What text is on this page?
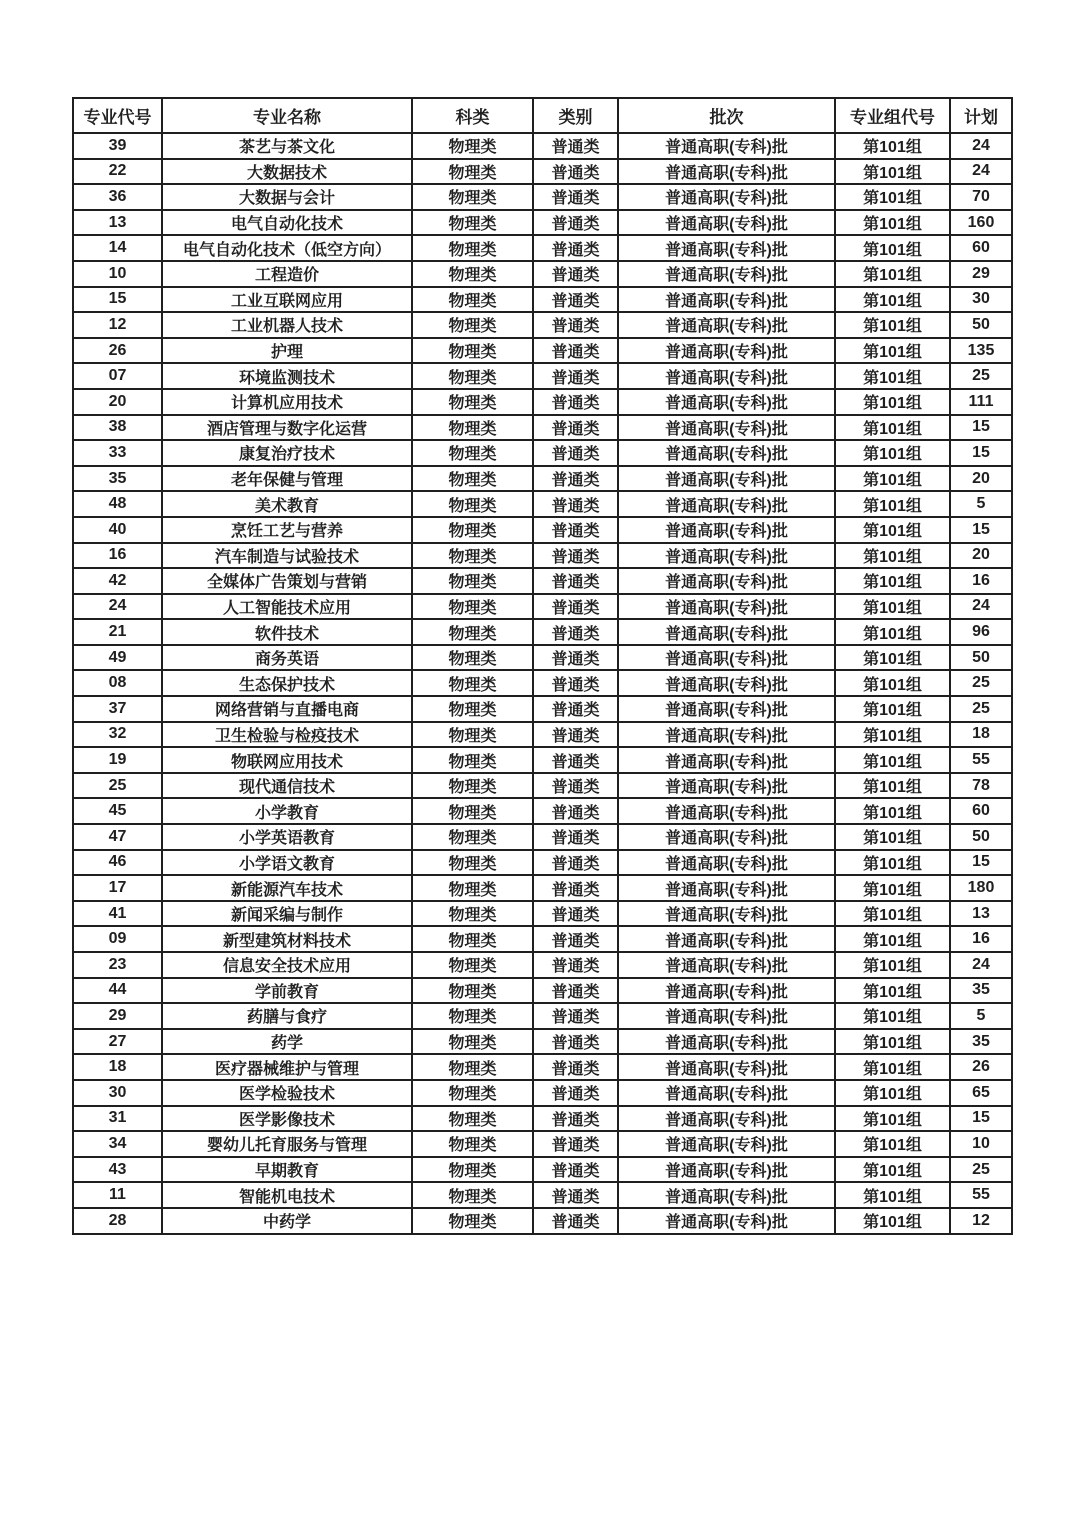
专业代号	专业名称	科类	类别	批次	专业组代号	计划
39	茶艺与茶文化	物理类	普通类	普通高职(专科)批	第101组	24
22	大数据技术	物理类	普通类	普通高职(专科)批	第101组	24
36	大数据与会计	物理类	普通类	普通高职(专科)批	第101组	70
13	电气自动化技术	物理类	普通类	普通高职(专科)批	第101组	160
14	电气自动化技术（低空方向）	物理类	普通类	普通高职(专科)批	第101组	60
10	工程造价	物理类	普通类	普通高职(专科)批	第101组	29
15	工业互联网应用	物理类	普通类	普通高职(专科)批	第101组	30
12	工业机器人技术	物理类	普通类	普通高职(专科)批	第101组	50
26	护理	物理类	普通类	普通高职(专科)批	第101组	135
07	环境监测技术	物理类	普通类	普通高职(专科)批	第101组	25
20	计算机应用技术	物理类	普通类	普通高职(专科)批	第101组	111
38	酒店管理与数字化运营	物理类	普通类	普通高职(专科)批	第101组	15
33	康复治疗技术	物理类	普通类	普通高职(专科)批	第101组	15
35	老年保健与管理	物理类	普通类	普通高职(专科)批	第101组	20
48	美术教育	物理类	普通类	普通高职(专科)批	第101组	5
40	烹饪工艺与营养	物理类	普通类	普通高职(专科)批	第101组	15
16	汽车制造与试验技术	物理类	普通类	普通高职(专科)批	第101组	20
42	全媒体广告策划与营销	物理类	普通类	普通高职(专科)批	第101组	16
24	人工智能技术应用	物理类	普通类	普通高职(专科)批	第101组	24
21	软件技术	物理类	普通类	普通高职(专科)批	第101组	96
49	商务英语	物理类	普通类	普通高职(专科)批	第101组	50
08	生态保护技术	物理类	普通类	普通高职(专科)批	第101组	25
37	网络营销与直播电商	物理类	普通类	普通高职(专科)批	第101组	25
32	卫生检验与检疫技术	物理类	普通类	普通高职(专科)批	第101组	18
19	物联网应用技术	物理类	普通类	普通高职(专科)批	第101组	55
25	现代通信技术	物理类	普通类	普通高职(专科)批	第101组	78
45	小学教育	物理类	普通类	普通高职(专科)批	第101组	60
47	小学英语教育	物理类	普通类	普通高职(专科)批	第101组	50
46	小学语文教育	物理类	普通类	普通高职(专科)批	第101组	15
17	新能源汽车技术	物理类	普通类	普通高职(专科)批	第101组	180
41	新闻采编与制作	物理类	普通类	普通高职(专科)批	第101组	13
09	新型建筑材料技术	物理类	普通类	普通高职(专科)批	第101组	16
23	信息安全技术应用	物理类	普通类	普通高职(专科)批	第101组	24
44	学前教育	物理类	普通类	普通高职(专科)批	第101组	35
29	药膳与食疗	物理类	普通类	普通高职(专科)批	第101组	5
27	药学	物理类	普通类	普通高职(专科)批	第101组	35
18	医疗器械维护与管理	物理类	普通类	普通高职(专科)批	第101组	26
30	医学检验技术	物理类	普通类	普通高职(专科)批	第101组	65
31	医学影像技术	物理类	普通类	普通高职(专科)批	第101组	15
34	婴幼儿托育服务与管理	物理类	普通类	普通高职(专科)批	第101组	10
43	早期教育	物理类	普通类	普通高职(专科)批	第101组	25
11	智能机电技术	物理类	普通类	普通高职(专科)批	第101组	55
28	中药学	物理类	普通类	普通高职(专科)批	第101组	12
